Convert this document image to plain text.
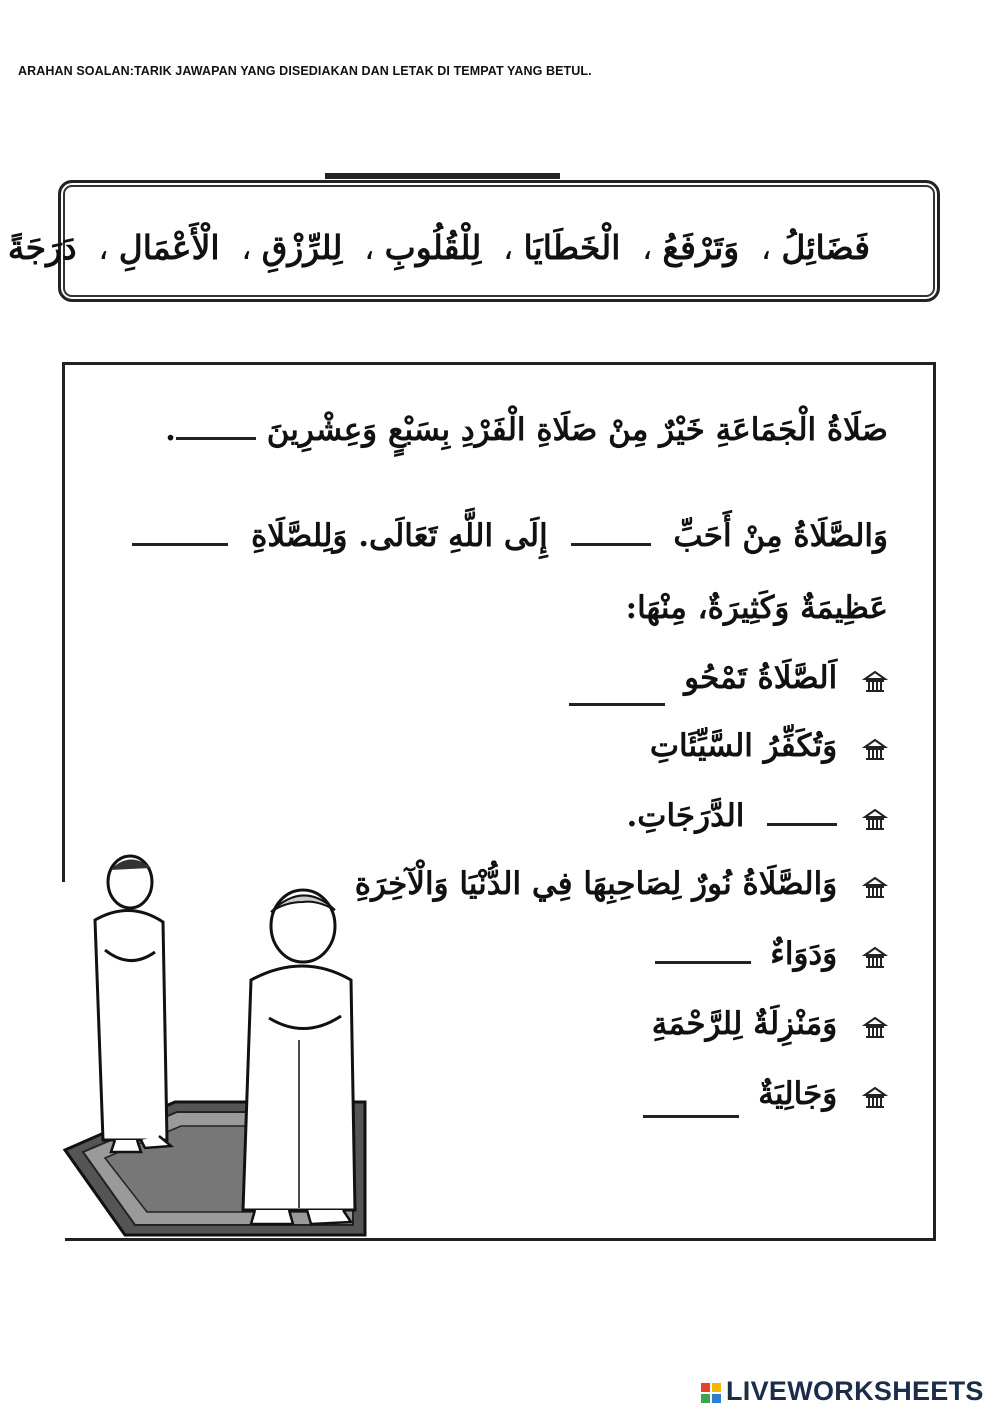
ARAHAN SOALAN:TARIK JAWAPAN YANG DISEDIAKAN DAN LETAK DI TEMPAT YANG BETUL.
فَضَائِلُ، وَتَرْفَعُ، الْخَطَايَا، لِلْقُلُوبِ، لِلرِّزْقِ، الْأَعْمَالِ، دَرَجَةً
صَلَاةُ الْجَمَاعَةِ خَيْرٌ مِنْ صَلَاةِ الْفَرْدِ بِسَبْعٍ وَعِشْرِينَ .
وَالصَّلَاةُ مِنْ أَحَبِّ  إِلَى اللَّهِ تَعَالَى. وَلِلصَّلَاةِ
عَظِيمَةٌ وَكَثِيرَةٌ، مِنْهَا:
اَلصَّلَاةُ تَمْحُو
وَتُكَفِّرُ السَّيِّئَاتِ
الدَّرَجَاتِ.
وَالصَّلَاةُ نُورٌ لِصَاحِبِهَا فِي الدُّنْيَا وَالْآخِرَةِ
وَدَوَاءٌ
وَمَنْزِلَةٌ لِلرَّحْمَةِ
وَجَالِيَةٌ
LIVEWORKSHEETS
